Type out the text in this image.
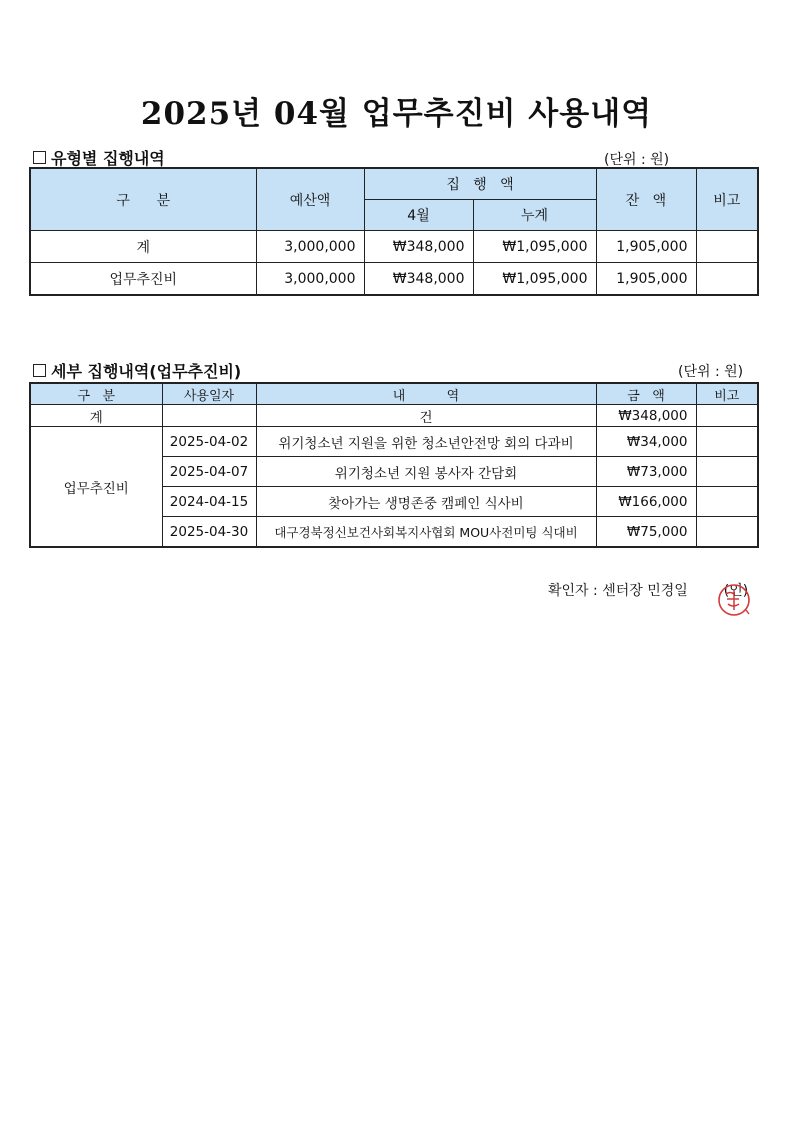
2025년 04월 업무추진비 사용내역
유형별 집행내역	(단위 : 원)
구      분	예산액	집   행   액		잔   액	비고
		4월	누계		
계	3,000,000	₩348,000	₩1,095,000	1,905,000	
업무추진비	3,000,000	₩348,000	₩1,095,000	1,905,000	
세부 집행내역(업무추진비)	(단위 : 원)
구   분	사용일자	내          역	금   액	비고
계		건	₩348,000	
업무추진비	2025-04-02	위기청소년 지원을 위한 청소년안전망 회의 다과비	₩34,000	
	2025-04-07	위기청소년 지원 봉사자 간담회	₩73,000	
	2024-04-15	찾아가는 생명존중 캠페인 식사비	₩166,000	
	2025-04-30	대구경북정신보건사회복지사협회 MOU사전미팅 식대비	₩75,000	
확인자 : 센터장 민경일	(인)
